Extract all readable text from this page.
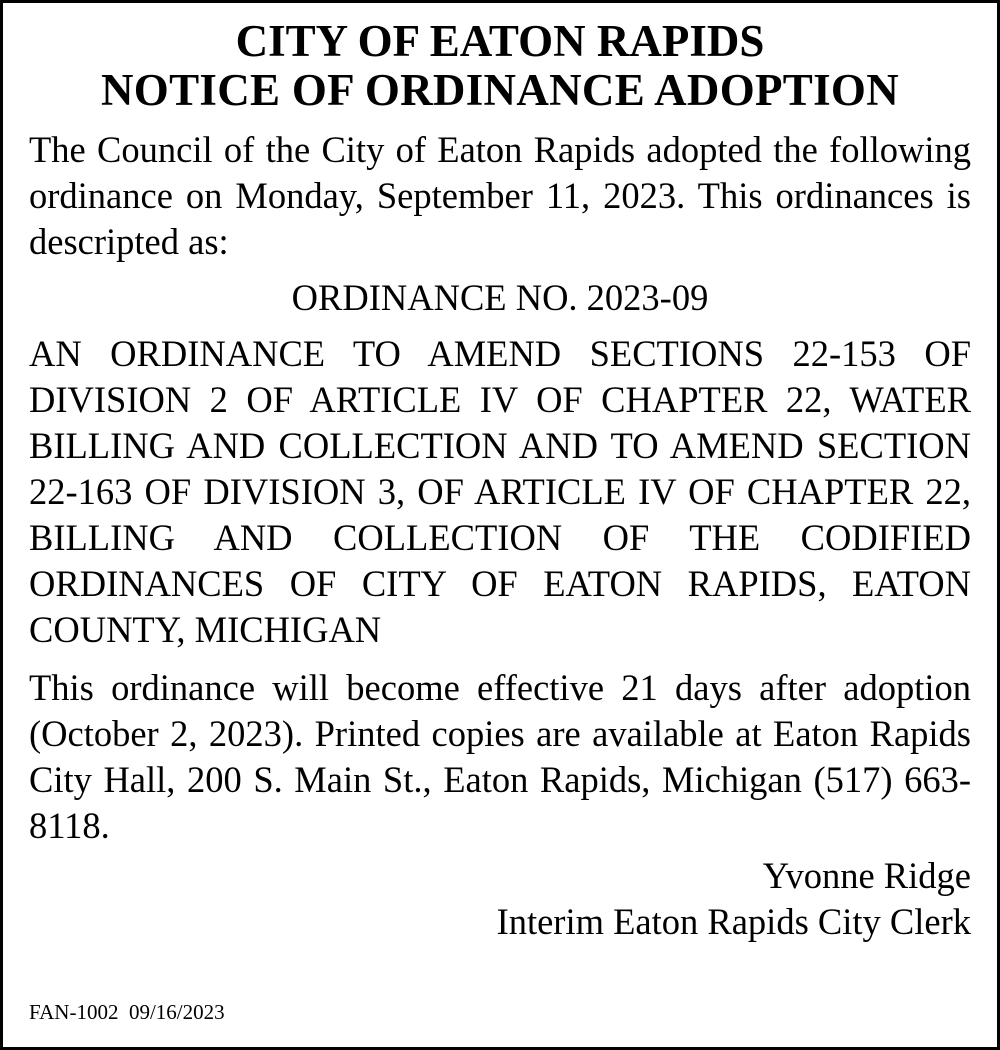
CITY OF EATON RAPIDS
NOTICE OF ORDINANCE ADOPTION

The Council of the City of Eaton Rapids adopted the following ordinance on Monday, September 11, 2023. This ordinances is descripted as:

ORDINANCE NO. 2023-09

AN ORDINANCE TO AMEND SECTIONS 22-153 OF DIVISION 2 OF ARTICLE IV OF CHAPTER 22, WATER BILLING AND COLLECTION AND TO AMEND SECTION 22-163 OF DIVISION 3, OF ARTICLE IV OF CHAPTER 22, BILLING AND COLLECTION OF THE CODIFIED ORDINANCES OF CITY OF EATON RAPIDS, EATON COUNTY, MICHIGAN

This ordinance will become effective 21 days after adoption (October 2, 2023). Printed copies are available at Eaton Rapids City Hall, 200 S. Main St., Eaton Rapids, Michigan (517) 663-8118.

Yvonne Ridge
Interim Eaton Rapids City Clerk
FAN-1002  09/16/2023
